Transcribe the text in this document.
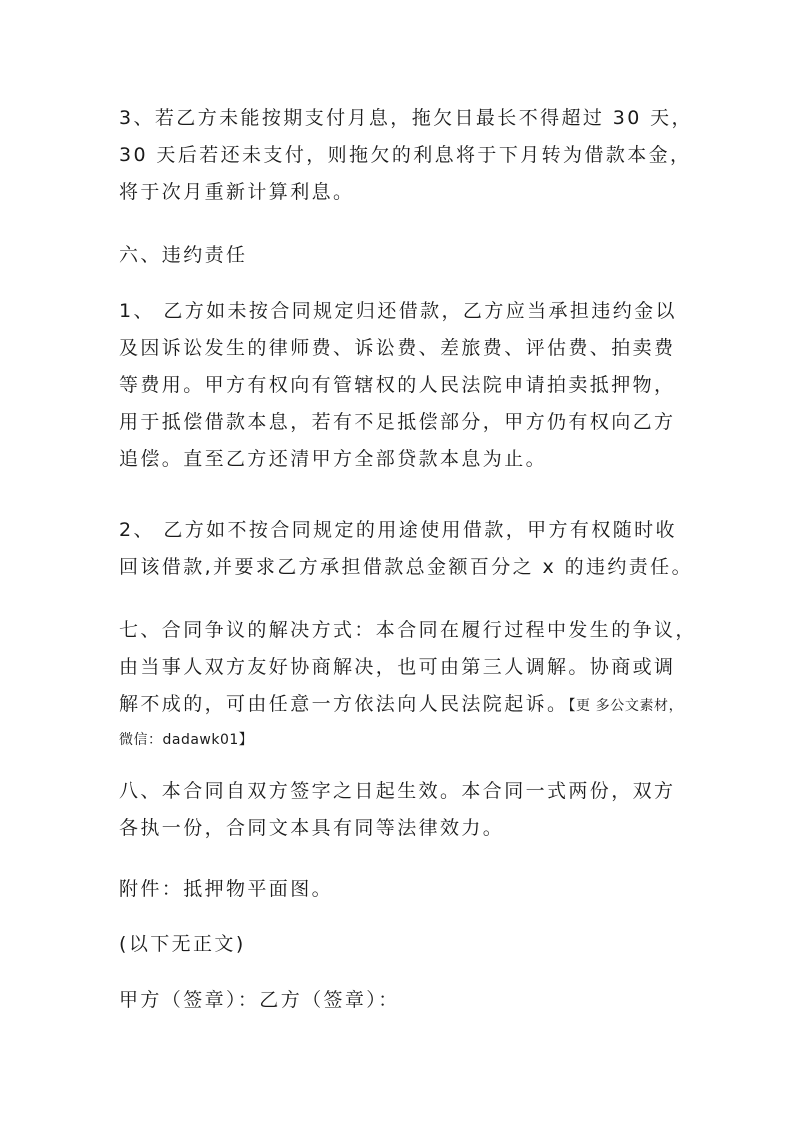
3、若乙方未能按期支付月息，拖欠日最长不得超过 30 天，
30 天后若还未支付，则拖欠的利息将于下月转为借款本金，
将于次月重新计算利息。

六、违约责任

1、 乙方如未按合同规定归还借款，乙方应当承担违约金以
及因诉讼发生的律师费、诉讼费、差旅费、评估费、拍卖费
等费用。甲方有权向有管辖权的人民法院申请拍卖抵押物，
用于抵偿借款本息，若有不足抵偿部分，甲方仍有权向乙方
追偿。直至乙方还清甲方全部贷款本息为止。

2、 乙方如不按合同规定的用途使用借款，甲方有权随时收
回该借款,并要求乙方承担借款总金额百分之 x 的违约责任。

七、合同争议的解决方式：本合同在履行过程中发生的争议，
由当事人双方友好协商解决，也可由第三人调解。协商或调
解不成的，可由任意一方依法向人民法院起诉。【更 多公文素材，
微信：dadawk01】

八、本合同自双方签字之日起生效。本合同一式两份，双方
各执一份，合同文本具有同等法律效力。

附件：抵押物平面图。

(以下无正文)

甲方（签章）：乙方（签章）：
